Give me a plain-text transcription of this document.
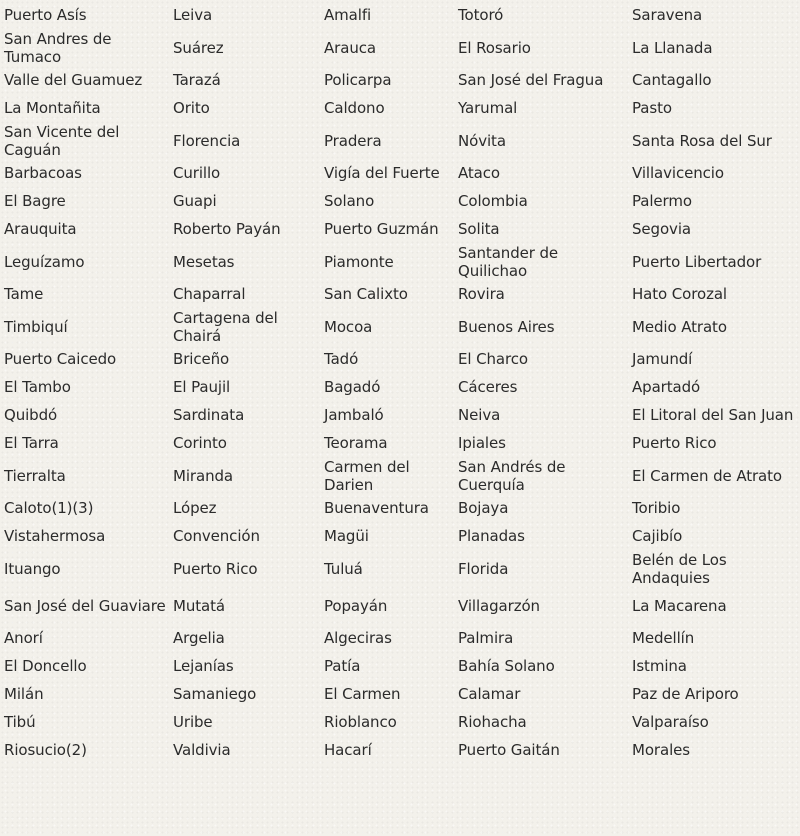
Puerto Asís	Leiva	Amalfi	Totoró	Saravena
San Andres de Tumaco	Suárez	Arauca	El Rosario	La Llanada
Valle del Guamuez	Tarazá	Policarpa	San José del Fragua	Cantagallo
La Montañita	Orito	Caldono	Yarumal	Pasto
San Vicente del Caguán	Florencia	Pradera	Nóvita	Santa Rosa del Sur
Barbacoas	Curillo	Vigía del Fuerte	Ataco	Villavicencio
El Bagre	Guapi	Solano	Colombia	Palermo
Arauquita	Roberto Payán	Puerto Guzmán	Solita	Segovia
Leguízamo	Mesetas	Piamonte	Santander de Quilichao	Puerto Libertador
Tame	Chaparral	San Calixto	Rovira	Hato Corozal
Timbiquí	Cartagena del Chairá	Mocoa	Buenos Aires	Medio Atrato
Puerto Caicedo	Briceño	Tadó	El Charco	Jamundí
El Tambo	El Paujil	Bagadó	Cáceres	Apartadó
Quibdó	Sardinata	Jambaló	Neiva	El Litoral del San Juan
El Tarra	Corinto	Teorama	Ipiales	Puerto Rico
Tierralta	Miranda	Carmen del Darien	San Andrés de Cuerquía	El Carmen de Atrato
Caloto(1)(3)	López	Buenaventura	Bojaya	Toribio
Vistahermosa	Convención	Magüi	Planadas	Cajibío
Ituango	Puerto Rico	Tuluá	Florida	Belén de Los Andaquies
San José del Guaviare	Mutatá	Popayán	Villagarzón	La Macarena
Anorí	Argelia	Algeciras	Palmira	Medellín
El Doncello	Lejanías	Patía	Bahía Solano	Istmina
Milán	Samaniego	El Carmen	Calamar	Paz de Ariporo
Tibú	Uribe	Rioblanco	Riohacha	Valparaíso
Riosucio(2)	Valdivia	Hacarí	Puerto Gaitán	Morales
